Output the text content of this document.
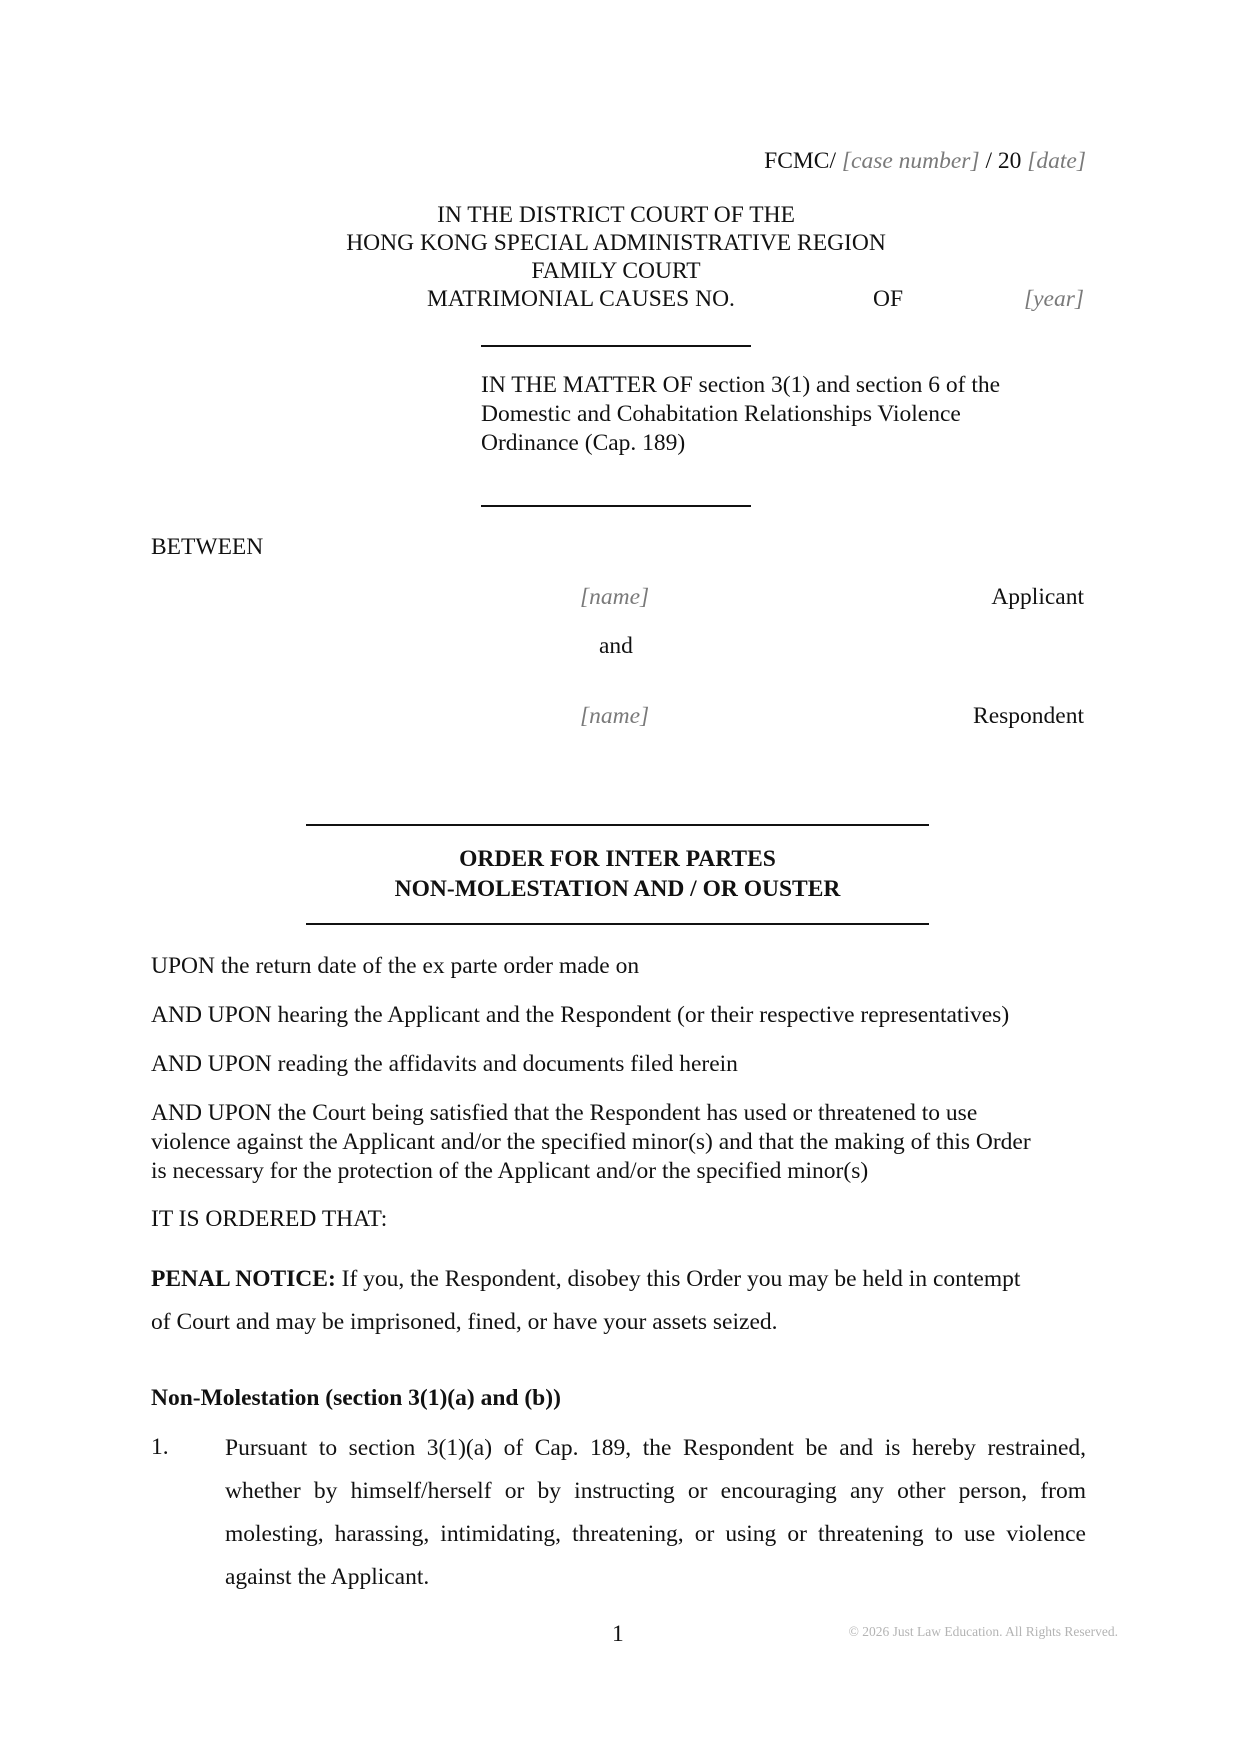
FCMC/ [case number] / 20 [date]
IN THE DISTRICT COURT OF THE
HONG KONG SPECIAL ADMINISTRATIVE REGION
FAMILY COURT
MATRIMONIAL CAUSES NO.	OF	[year]
IN THE MATTER OF section 3(1) and section 6 of the
Domestic and Cohabitation Relationships Violence
Ordinance (Cap. 189)
BETWEEN
[name]	Applicant
and
[name]	Respondent
ORDER FOR INTER PARTES
NON-MOLESTATION AND / OR OUSTER
UPON the return date of the ex parte order made on
AND UPON hearing the Applicant and the Respondent (or their respective representatives)
AND UPON reading the affidavits and documents filed herein
AND UPON the Court being satisfied that the Respondent has used or threatened to use
violence against the Applicant and/or the specified minor(s) and that the making of this Order
is necessary for the protection of the Applicant and/or the specified minor(s)
IT IS ORDERED THAT:
PENAL NOTICE: If you, the Respondent, disobey this Order you may be held in contempt
of Court and may be imprisoned, fined, or have your assets seized.
Non-Molestation (section 3(1)(a) and (b))
1. Pursuant to section 3(1)(a) of Cap. 189, the Respondent be and is hereby restrained, whether by himself/herself or by instructing or encouraging any other person, from molesting, harassing, intimidating, threatening, or using or threatening to use violence against the Applicant.
1	© 2026 Just Law Education. All Rights Reserved.
